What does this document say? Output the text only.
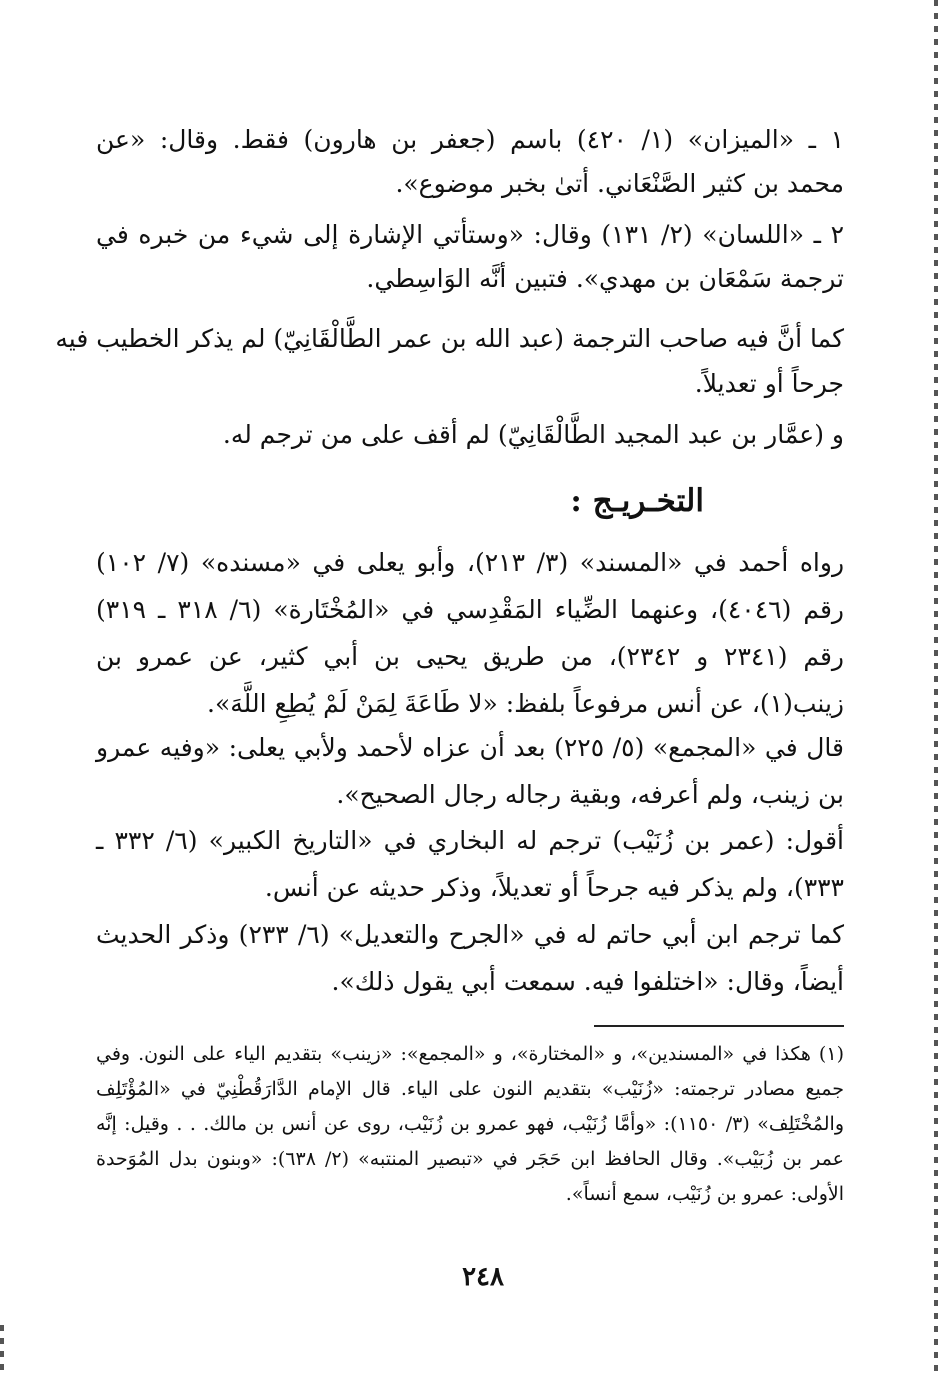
١ ـ «الميزان» (١/ ٤٢٠) باسم (جعفر بن هارون) فقط. وقال: «عن
محمد بن كثير الصَّنْعَاني. أتىٰ بخبر موضوع».
٢ ـ «اللسان» (٢/ ١٣١) وقال: «وستأتي الإشارة إلى شيء من خبره في
ترجمة سَمْعَان بن مهدي». فتبين أنَّه الوَاسِطي.
كما أنَّ فيه صاحب الترجمة (عبد الله بن عمر الطَّالْقَانِيّ) لم يذكر الخطيب فيه
جرحاً أو تعديلاً.
و (عمَّار بن عبد المجيد الطَّالْقَانِيّ) لم أقف على من ترجم له.
التخـريـج :
رواه أحمد في «المسند» (٣/ ٢١٣)، وأبو يعلى في «مسنده» (٧/ ١٠٢) رقم (٤٠٤٦)، وعنهما الضِّياء المَقْدِسي في «المُخْتَارة» (٦/ ٣١٨ ـ ٣١٩) رقم (٢٣٤١ و ٢٣٤٢)، من طريق يحيى بن أبي كثير، عن عمرو بن زينب(١)، عن أنس مرفوعاً بلفظ: «لا طَاعَةَ لِمَنْ لَمْ يُطِعِ اللَّهَ».
قال في «المجمع» (٥/ ٢٢٥) بعد أن عزاه لأحمد ولأبي يعلى: «وفيه عمرو بن زينب، ولم أعرفه، وبقية رجاله رجال الصحيح».
أقول: (عمر بن زُنَيْب) ترجم له البخاري في «التاريخ الكبير» (٦/ ٣٣٢ ـ ٣٣٣)، ولم يذكر فيه جرحاً أو تعديلاً، وذكر حديثه عن أنس.
كما ترجم ابن أبي حاتم له في «الجرح والتعديل» (٦/ ٢٣٣) وذكر الحديث أيضاً، وقال: «اختلفوا فيه. سمعت أبي يقول ذلك».
(١) هكذا في «المسندين»، و «المختارة»، و «المجمع»: «زينب» بتقديم الياء على النون. وفي جميع مصادر ترجمته: «زُنَيْب» بتقديم النون على الياء. قال الإمام الدَّارَقُطْنِيّ في «المُؤْتَلِف والمُخْتَلِف» (٣/ ١١٥٠): «وأمَّا زُنَيْب، فهو عمرو بن زُنَيْب، روى عن أنس بن مالك. . . وقيل: إنَّه عمر بن زُبَيْب». وقال الحافظ ابن حَجَر في «تبصير المنتبه» (٢/ ٦٣٨): «وبنون بدل المُوَحدة الأولى: عمرو بن زُنَيْب، سمع أنساً».
٢٤٨
